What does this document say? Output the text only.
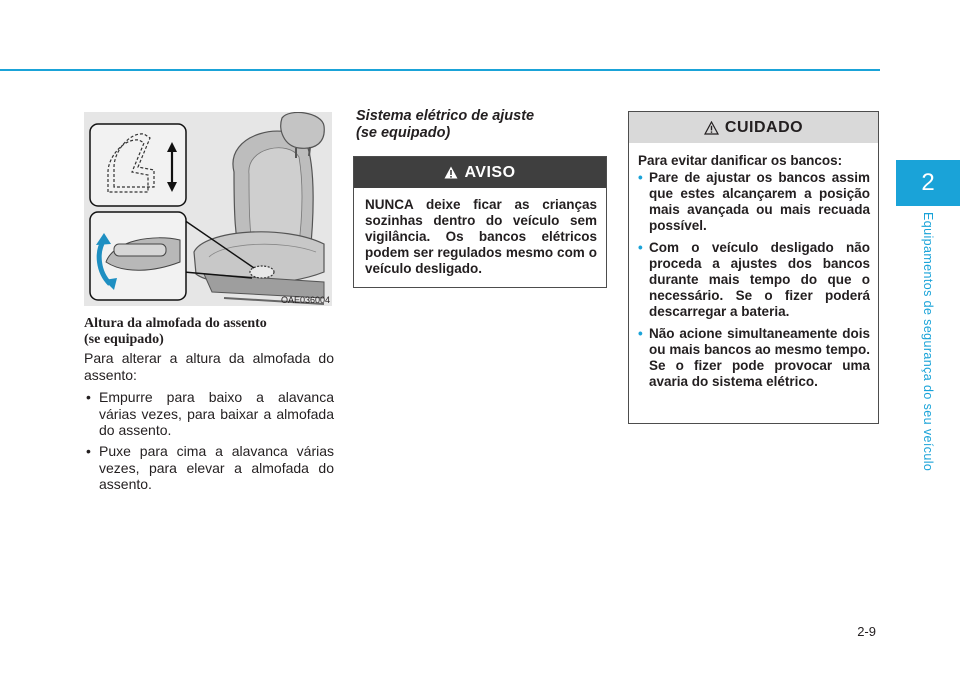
2
Equipamentos de segurança do seu veículo
OAE036004
Altura da almofada do assento
(se equipado)
Para alterar a altura da almofada do assento:
• Empurre para baixo a alavanca várias vezes, para baixar a almofada do assento.
• Puxe para cima a alavanca várias vezes, para elevar a almofada do assento.
Sistema elétrico de ajuste
(se equipado)
AVISO
NUNCA deixe ficar as crianças sozinhas dentro do veículo sem vigilância. Os bancos elétricos podem ser regulados mesmo com o veículo desligado.
CUIDADO
Para evitar danificar os bancos:
• Pare de ajustar os bancos assim que estes alcançarem a posição mais avançada ou mais recuada possível.
• Com o veículo desligado não proceda a ajustes dos bancos durante mais tempo do que o necessário. Se o fizer poderá descarregar a bateria.
• Não acione simultaneamente dois ou mais bancos ao mesmo tempo. Se o fizer pode provocar uma avaria do sistema elétrico.
2-9
